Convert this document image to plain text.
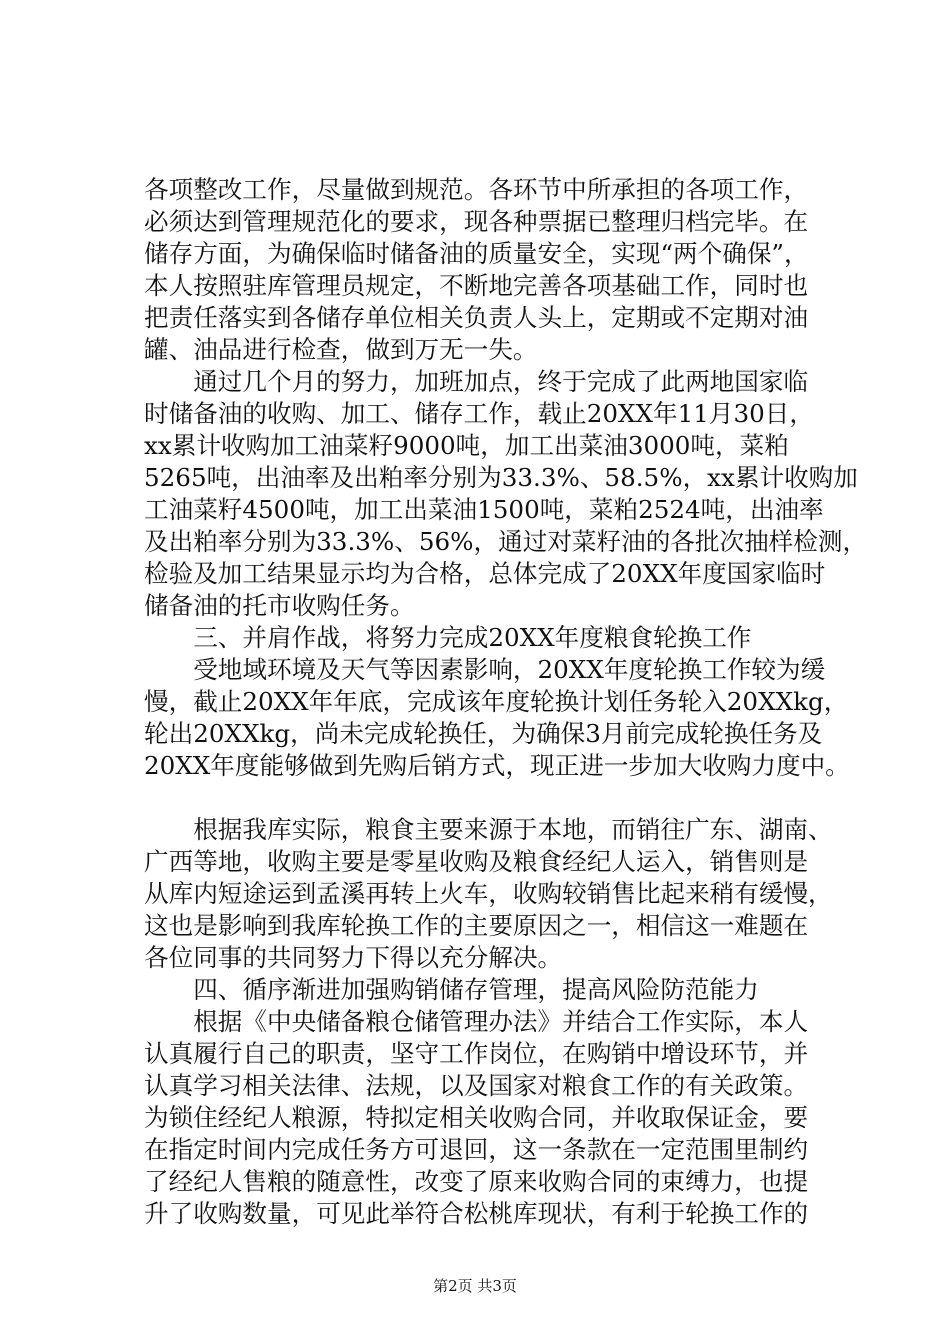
各项整改工作，尽量做到规范。各环节中所承担的各项工作，
必须达到管理规范化的要求，现各种票据已整理归档完毕。在
储存方面，为确保临时储备油的质量安全，实现“两个确保”，
本人按照驻库管理员规定，不断地完善各项基础工作，同时也
把责任落实到各储存单位相关负责人头上，定期或不定期对油
罐、油品进行检查，做到万无一失。
　　通过几个月的努力，加班加点，终于完成了此两地国家临
时储备油的收购、加工、储存工作，载止20XX年11月30日，
xx累计收购加工油菜籽9000吨，加工出菜油3000吨，菜粕
5265吨，出油率及出粕率分别为33.3%、58.5%，xx累计收购加
工油菜籽4500吨，加工出菜油1500吨，菜粕2524吨，出油率
及出粕率分别为33.3%、56%，通过对菜籽油的各批次抽样检测，
检验及加工结果显示均为合格，总体完成了20XX年度国家临时
储备油的托市收购任务。
　　三、并肩作战，将努力完成20XX年度粮食轮换工作
　　受地域环境及天气等因素影响，20XX年度轮换工作较为缓
慢，截止20XX年年底，完成该年度轮换计划任务轮入20XXkg，
轮出20XXkg，尚未完成轮换任，为确保3月前完成轮换任务及
20XX年度能够做到先购后销方式，现正进一步加大收购力度中。
　　根据我库实际，粮食主要来源于本地，而销往广东、湖南、
广西等地，收购主要是零星收购及粮食经纪人运入，销售则是
从库内短途运到孟溪再转上火车，收购较销售比起来稍有缓慢，
这也是影响到我库轮换工作的主要原因之一，相信这一难题在
各位同事的共同努力下得以充分解决。
　　四、循序渐进加强购销储存管理，提高风险防范能力
　　根据《中央储备粮仓储管理办法》并结合工作实际，本人
认真履行自己的职责，坚守工作岗位，在购销中增设环节，并
认真学习相关法律、法规，以及国家对粮食工作的有关政策。
为锁住经纪人粮源，特拟定相关收购合同，并收取保证金，要
在指定时间内完成任务方可退回，这一条款在一定范围里制约
了经纪人售粮的随意性，改变了原来收购合同的束缚力，也提
升了收购数量，可见此举符合松桃库现状，有利于轮换工作的
第2页 共3页
